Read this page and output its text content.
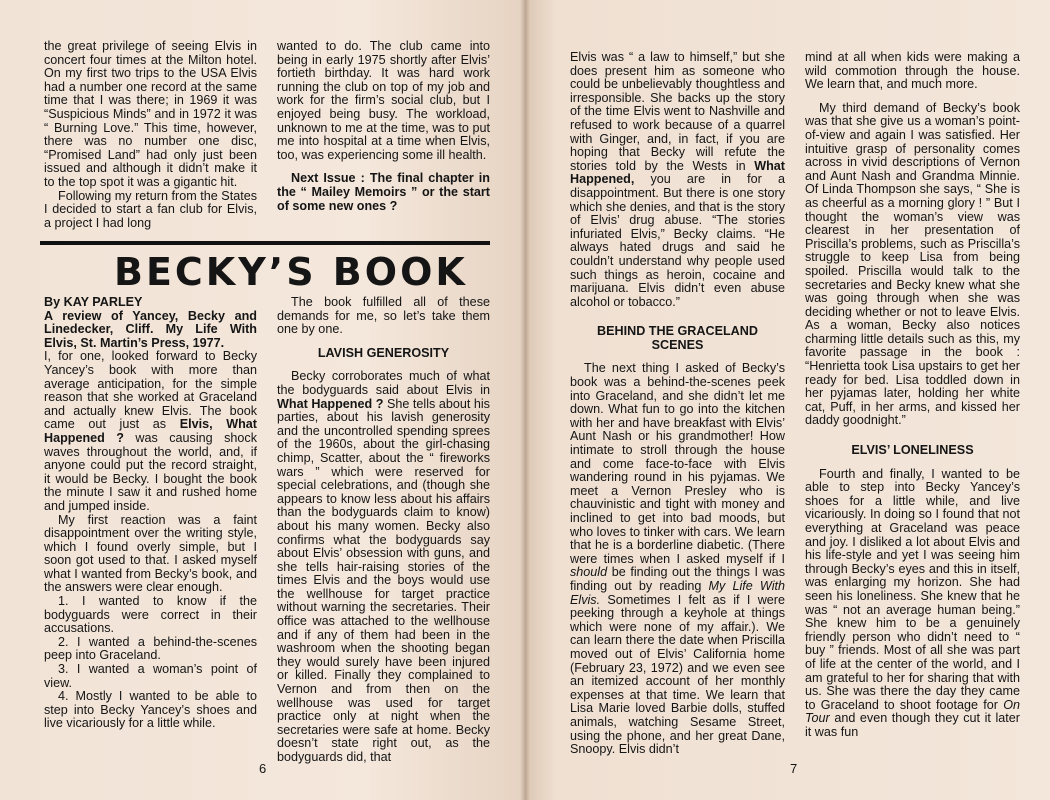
the great privilege of seeing Elvis in concert four times at the Milton hotel. On my first two trips to the USA Elvis had a number one record at the same time that I was there; in 1969 it was “Suspicious Minds” and in 1972 it was “ Burning Love.” This time, however, there was no number one disc, “Promised Land” had only just been issued and although it didn’t make it to the top spot it was a gigantic hit.

Following my return from the States I decided to start a fan club for Elvis, a project I had long

wanted to do. The club came into being in early 1975 shortly after Elvis’ fortieth birthday. It was hard work running the club on top of my job and work for the firm’s social club, but I enjoyed being busy. The workload, unknown to me at the time, was to put me into hospital at a time when Elvis, too, was experiencing some ill health.

Next Issue : The final chapter in the “ Mailey Memoirs ” or the start of some new ones ?

BECKY’S BOOK

By KAY PARLEY

A review of Yancey, Becky and Linedecker, Cliff. My Life With Elvis, St. Martin’s Press, 1977.

I, for one, looked forward to Becky Yancey’s book with more than average anticipation, for the simple reason that she worked at Graceland and actually knew Elvis. The book came out just as Elvis, What Happened ? was causing shock waves throughout the world, and, if anyone could put the record straight, it would be Becky. I bought the book the minute I saw it and rushed home and jumped inside.

My first reaction was a faint disappointment over the writing style, which I found overly simple, but I soon got used to that. I asked myself what I wanted from Becky’s book, and the answers were clear enough.

1. I wanted to know if the bodyguards were correct in their accusations.

2. I wanted a behind-the-scenes peep into Graceland.

3. I wanted a woman’s point of view.

4. Mostly I wanted to be able to step into Becky Yancey’s shoes and live vicariously for a little while.

The book fulfilled all of these demands for me, so let’s take them one by one.

LAVISH GENEROSITY

Becky corroborates much of what the bodyguards said about Elvis in What Happened ? She tells about his parties, about his lavish generosity and the uncontrolled spending sprees of the 1960s, about the girl-chasing chimp, Scatter, about the “ fireworks wars ” which were reserved for special celebrations, and (though she appears to know less about his affairs than the bodyguards claim to know) about his many women. Becky also confirms what the bodyguards say about Elvis’ obsession with guns, and she tells hair-raising stories of the times Elvis and the boys would use the wellhouse for target practice without warning the secretaries. Their office was attached to the wellhouse and if any of them had been in the washroom when the shooting began they would surely have been injured or killed. Finally they complained to Vernon and from then on the wellhouse was used for target practice only at night when the secretaries were safe at home. Becky doesn’t state right out, as the bodyguards did, that

6

Elvis was “ a law to himself,” but she does present him as someone who could be unbelievably thoughtless and irresponsible. She backs up the story of the time Elvis went to Nashville and refused to work because of a quarrel with Ginger, and, in fact, if you are hoping that Becky will refute the stories told by the Wests in What Happened, you are in for a disappointment. But there is one story which she denies, and that is the story of Elvis’ drug abuse. “The stories infuriated Elvis,” Becky claims. “He always hated drugs and said he couldn’t understand why people used such things as heroin, cocaine and marijuana. Elvis didn’t even abuse alcohol or tobacco.”

BEHIND THE GRACELAND SCENES

The next thing I asked of Becky’s book was a behind-the-scenes peek into Graceland, and she didn’t let me down. What fun to go into the kitchen with her and have breakfast with Elvis’ Aunt Nash or his grandmother! How intimate to stroll through the house and come face-to-face with Elvis wandering round in his pyjamas. We meet a Vernon Presley who is chauvinistic and tight with money and inclined to get into bad moods, but who loves to tinker with cars. We learn that he is a borderline diabetic. (There were times when I asked myself if I should be finding out the things I was finding out by reading My Life With Elvis. Sometimes I felt as if I were peeking through a keyhole at things which were none of my affair.). We can learn there the date when Priscilla moved out of Elvis’ California home (February 23, 1972) and we even see an itemized account of her monthly expenses at that time. We learn that Lisa Marie loved Barbie dolls, stuffed animals, watching Sesame Street, using the phone, and her great Dane, Snoopy. Elvis didn’t

mind at all when kids were making a wild commotion through the house. We learn that, and much more.

My third demand of Becky’s book was that she give us a woman’s point-of-view and again I was satisfied. Her intuitive grasp of personality comes across in vivid descriptions of Vernon and Aunt Nash and Grandma Minnie. Of Linda Thompson she says, “ She is as cheerful as a morning glory ! ” But I thought the woman’s view was clearest in her presentation of Priscilla’s problems, such as Priscilla’s struggle to keep Lisa from being spoiled. Priscilla would talk to the secretaries and Becky knew what she was going through when she was deciding whether or not to leave Elvis. As a woman, Becky also notices charming little details such as this, my favorite passage in the book : “Henrietta took Lisa upstairs to get her ready for bed. Lisa toddled down in her pyjamas later, holding her white cat, Puff, in her arms, and kissed her daddy goodnight.”

ELVIS’ LONELINESS

Fourth and finally, I wanted to be able to step into Becky Yancey’s shoes for a little while, and live vicariously. In doing so I found that not everything at Graceland was peace and joy. I disliked a lot about Elvis and his life-style and yet I was seeing him through Becky’s eyes and this in itself, was enlarging my horizon. She had seen his loneliness. She knew that he was “ not an average human being.” She knew him to be a genuinely friendly person who didn’t need to “ buy ” friends. Most of all she was part of life at the center of the world, and I am grateful to her for sharing that with us. She was there the day they came to Graceland to shoot footage for On Tour and even though they cut it later it was fun

7
